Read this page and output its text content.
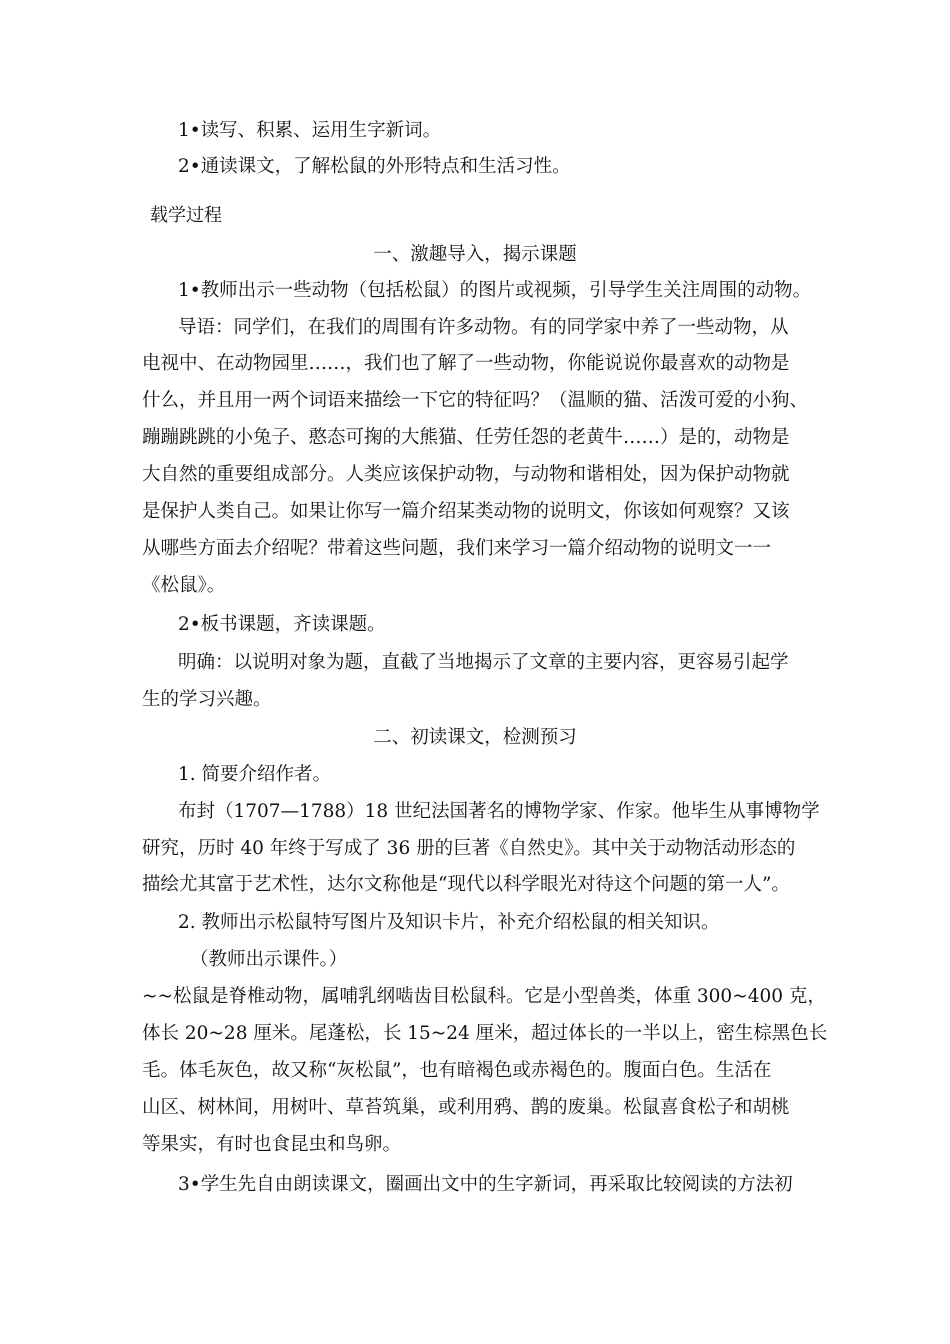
1•读写、积累、运用生字新词。
2•通读课文，了解松鼠的外形特点和生活习性。
载学过程
一、激趣导入，揭示课题
1•教师出示一些动物（包括松鼠）的图片或视频，引导学生关注周围的动物。
导语：同学们，在我们的周围有许多动物。有的同学家中养了一些动物，从
电视中、在动物园里……，我们也了解了一些动物，你能说说你最喜欢的动物是
什么，并且用一两个词语来描绘一下它的特征吗？（温顺的猫、活泼可爱的小狗、
蹦蹦跳跳的小兔子、憨态可掬的大熊猫、任劳任怨的老黄牛……）是的，动物是
大自然的重要组成部分。人类应该保护动物，与动物和谐相处，因为保护动物就
是保护人类自己。如果让你写一篇介绍某类动物的说明文，你该如何观察？又该
从哪些方面去介绍呢？带着这些问题，我们来学习一篇介绍动物的说明文一一
《松鼠》。
2•板书课题，齐读课题。
明确：以说明对象为题，直截了当地揭示了文章的主要内容，更容易引起学
生的学习兴趣。
二、初读课文，检测预习
1. 简要介绍作者。
布封（1707—1788）18 世纪法国著名的博物学家、作家。他毕生从事博物学
研究，历时 40 年终于写成了 36 册的巨著《自然史》。其中关于动物活动形态的
描绘尤其富于艺术性，达尔文称他是“现代以科学眼光对待这个问题的第一人”。
2. 教师出示松鼠特写图片及知识卡片，补充介绍松鼠的相关知识。
（教师出示课件。）
~~松鼠是脊椎动物，属哺乳纲啮齿目松鼠科。它是小型兽类，体重 300~400 克，
体长 20~28 厘米。尾蓬松，长 15~24 厘米，超过体长的一半以上，密生棕黑色长
毛。体毛灰色，故又称“灰松鼠”，也有暗褐色或赤褐色的。腹面白色。生活在
山区、树林间，用树叶、草苔筑巢，或利用鸦、鹊的废巢。松鼠喜食松子和胡桃
等果实，有时也食昆虫和鸟卵。
3•学生先自由朗读课文，圈画出文中的生字新词，再采取比较阅读的方法初
